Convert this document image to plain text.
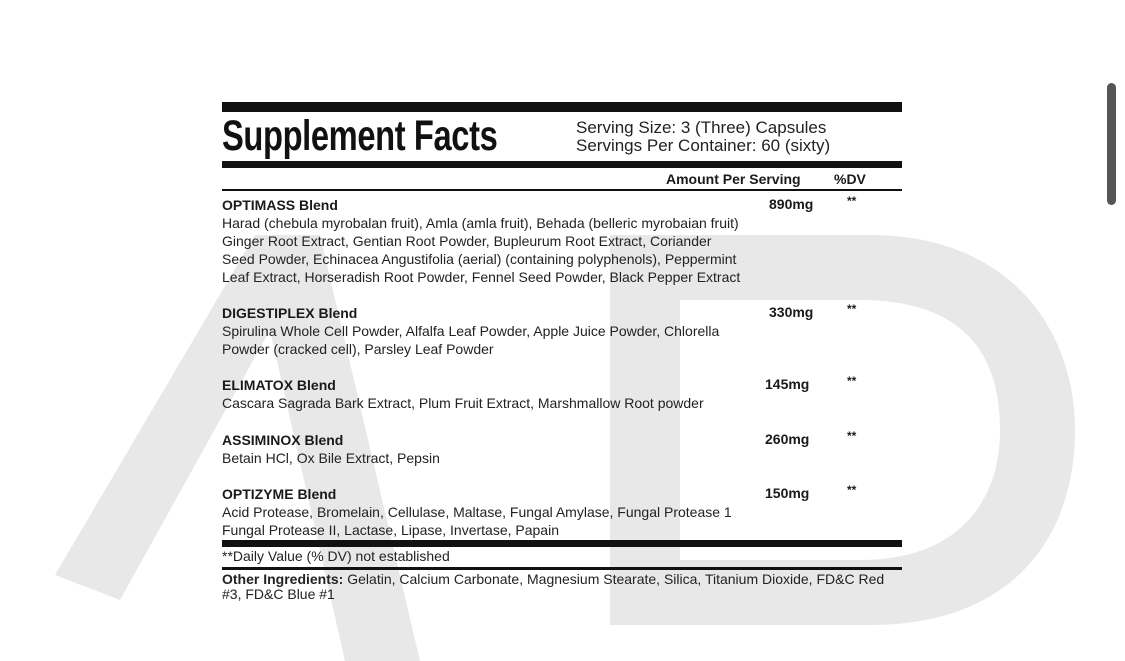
Supplement Facts	Serving Size: 3 (Three) Capsules
Servings Per Container: 60 (sixty)
Amount Per Serving %DV
OPTIMASS Blend	890mg	**
Harad (chebula myrobalan fruit), Amla (amla fruit), Behada (belleric myrobaian fruit)
Ginger Root Extract, Gentian Root Powder, Bupleurum Root Extract, Coriander
Seed Powder, Echinacea Angustifolia (aerial) (containing polyphenols), Peppermint
Leaf Extract, Horseradish Root Powder, Fennel Seed Powder, Black Pepper Extract
DIGESTIPLEX Blend	330mg	**
Spirulina Whole Cell Powder, Alfalfa Leaf Powder, Apple Juice Powder, Chlorella
Powder (cracked cell), Parsley Leaf Powder
ELIMATOX Blend	145mg	**
Cascara Sagrada Bark Extract, Plum Fruit Extract, Marshmallow Root powder
ASSIMINOX Blend	260mg	**
Betain HCl, Ox Bile Extract, Pepsin
OPTIZYME Blend	150mg	**
Acid Protease, Bromelain, Cellulase, Maltase, Fungal Amylase, Fungal Protease 1
Fungal Protease II, Lactase, Lipase, Invertase, Papain
**Daily Value (% DV) not established
Other Ingredients: Gelatin, Calcium Carbonate, Magnesium Stearate, Silica, Titanium Dioxide, FD&C Red
#3, FD&C Blue #1
